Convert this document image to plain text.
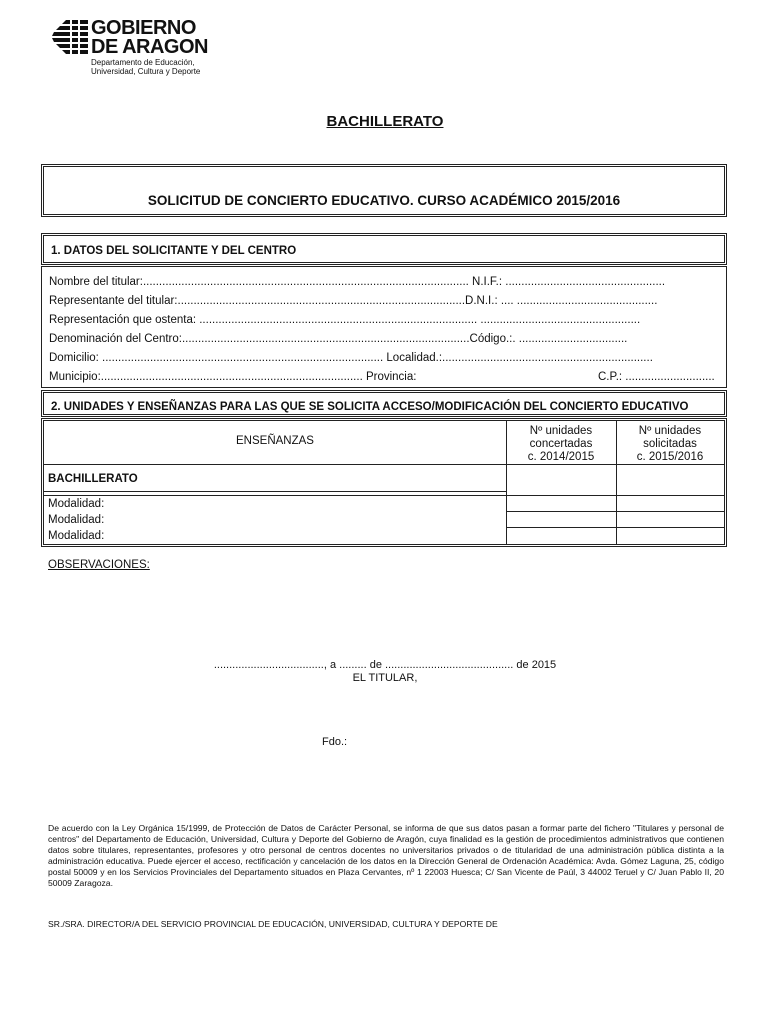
GOBIERNO
DE ARAGON
Departamento de Educación,
Universidad, Cultura y Deporte
BACHILLERATO
SOLICITUD DE CONCIERTO EDUCATIVO. CURSO ACADÉMICO 2015/2016
1. DATOS DEL SOLICITANTE Y DEL CENTRO
Nombre del titular:...................................................................................................... N.I.F.: ..................................................
Representante del titular:..........................................................................................D.N.I.: .... ............................................
Representación que ostenta: ....................................................................................... ..................................................
Denominación del Centro:..........................................................................................Código.:. ..................................
Domicilio: ........................................................................................ Localidad.:..................................................................
Municipio:.................................................................................. Provincia:	C.P.: ............................
2. UNIDADES Y ENSEÑANZAS PARA LAS QUE SE SOLICITA ACCESO/MODIFICACIÓN DEL CONCIERTO EDUCATIVO
ENSEÑANZAS
Nº unidades
concertadas
c. 2014/2015
Nº unidades
solicitadas
c. 2015/2016
BACHILLERATO
Modalidad:
Modalidad:
Modalidad:
OBSERVACIONES:
...................................., a ......... de .......................................... de 2015
EL TITULAR,
Fdo.:
De acuerdo con la Ley Orgánica 15/1999, de Protección de Datos de Carácter Personal, se informa de que sus datos pasan a formar parte del fichero "Titulares y personal de centros" del Departamento de Educación, Universidad, Cultura y Deporte del Gobierno de Aragón, cuya finalidad es la gestión de procedimientos administrativos que contienen datos sobre titulares, representantes, profesores y otro personal de centros docentes no universitarios privados o de titularidad de una administración pública distinta a la administración educativa. Puede ejercer el acceso, rectificación y cancelación de los datos en la Dirección General de Ordenación Académica: Avda. Gómez Laguna, 25, código postal 50009 y en los Servicios Provinciales del Departamento situados en Plaza Cervantes, nº 1 22003 Huesca; C/ San Vicente de Paúl, 3 44002 Teruel y C/ Juan Pablo II, 20 50009 Zaragoza.
SR./SRA. DIRECTOR/A DEL SERVICIO PROVINCIAL DE EDUCACIÓN, UNIVERSIDAD, CULTURA Y DEPORTE DE
